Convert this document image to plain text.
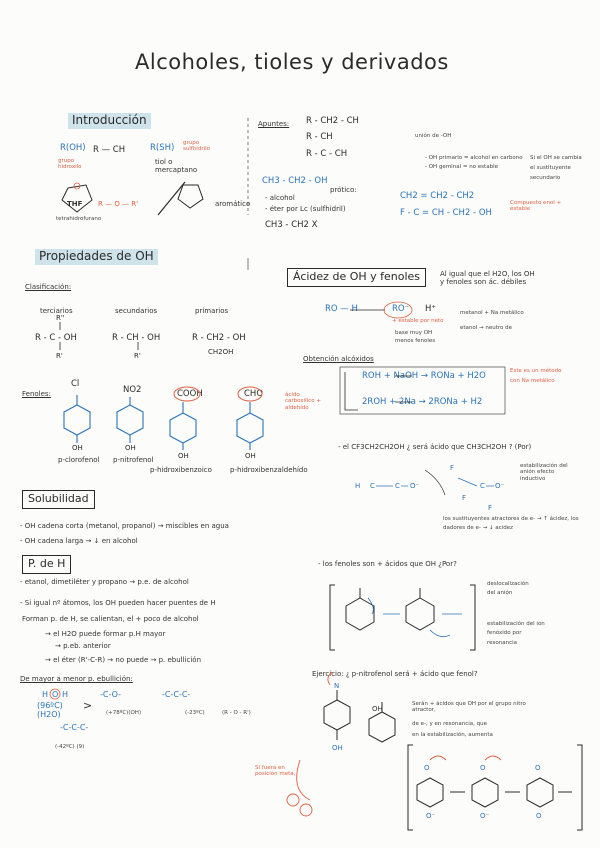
Alcoholes, tioles y derivados
Introducción
R(OH)
grupo hidroxilo
R — CH	R(SH) grupo sulfhidrilo
tiol o mercaptano
THF
tetrahidrofurano
R — O — R'	aromático
Propiedades de OH
Clasificación:
terciarios	secundarios	primarios
R - C - OH	R - CH - OH	R - CH2 - OH
Fenoles:
Cl
NO2	COOH	CHO	ácido carboxílico + aldehído
p-clorofenol p-nitrofenol
p-hidroxibenzoico	p-hidroxibenzaldehído
Solubilidad
- OH cadena corta (metanol, propanol) → miscibles en agua
- OH cadena larga → ↓ en alcohol
P. de H
- etanol, dimetiléter y propano → p.e. de alcohol
- Si igual nº átomos, los OH pueden hacer puentes de H
Forman p. de H, se calientan, el + poco de alcohol
→ el H2O puede formar p.H mayor
→ p.eb. anterior
→ el éter (R'-C-R) → no puede → p. ebullición
De mayor a menor p. ebullición:
>
(-42ºC) (9)
(+78ºC)(OH)	(-23ºC)	(R - O - R')
Apuntes: R - CH2 - CH
R - CH
R - C - CH
unión de -OH
- OH primario = alcohol en carbono
- OH geminal = no estable
Si el OH se cambia
el sustituyente
secundario
CH3 - CH2 - OH
prótico:
- alcohol
- éter por Lc (sulfhidril)
CH3 - CH2 X
CH2 = CH2 - CH2
F - C = CH - CH2 - OH
Compuesto enol + estable
Ácidez de OH y fenoles	Al igual que el H2O, los OH y fenoles son ác. débiles
RO — H	RO⁻ H⁺
+ estable por neto
base muy OH
menos fenoles
metanol + Na metálico
etanol → neutro de
Obtención alcóxidos
ROH + NaOH → RONa + H2O
2ROH + 2Na → 2RONa + H2
Este es un método
con Na metálico
- el CF3CH2CH2OH ¿ será ácido que CH3CH2OH ? (Por)
estabilización del anión efecto inductivo
los sustituyentes atractores de e- → ↑ ácidez, los dadores de e- → ↓ acidez
- los fenoles son + ácidos que OH ¿Por?
deslocalización del anión
estabilización del ion fenóxido por resonancia
Ejercicio: ¿ p-nitrofenol será + ácido que fenol?
OH
Serán + ácidos que OH por el grupo nitro atractor,
de e-, y en resonancia, que
en la estabilización, aumenta
Si fuera en posición meta,
R''
R'	R'	CH2OH
OH	OH
OH	OH
H O H
(96ºC)
(H2O)
-C-O-	-C-C-C-
-C-C-C-
H C	C O⁻
F
C O⁻
F
F
N
OH
O	O	O
O⁻	O⁻	O
